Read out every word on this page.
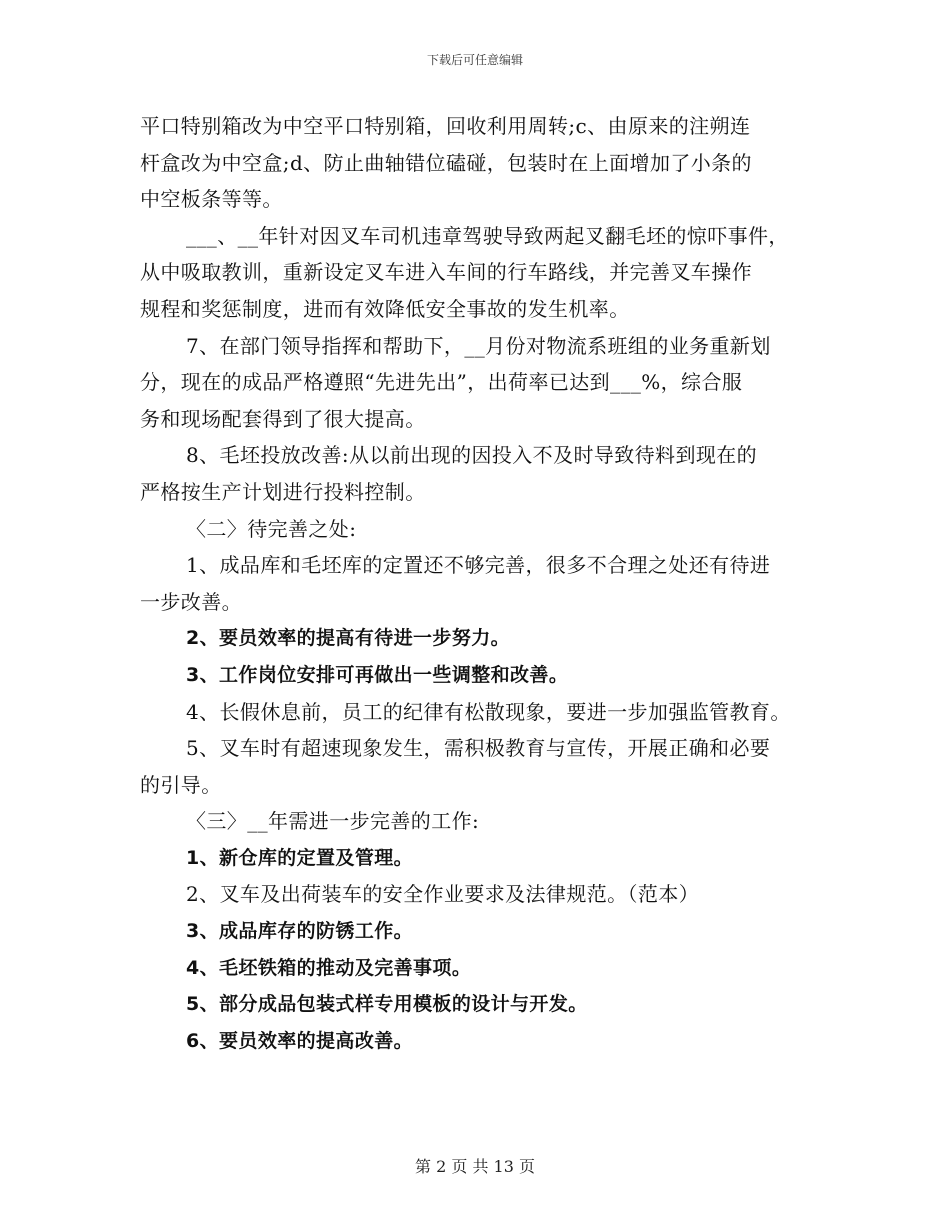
下载后可任意编辑
平口特别箱改为中空平口特别箱，回收利用周转;c、由原来的注朔连
杆盒改为中空盒;d、防止曲轴错位磕碰，包装时在上面增加了小条的
中空板条等等。
___、__年针对因叉车司机违章驾驶导致两起叉翻毛坯的惊吓事件，
从中吸取教训，重新设定叉车进入车间的行车路线，并完善叉车操作
规程和奖惩制度，进而有效降低安全事故的发生机率。
7、在部门领导指挥和帮助下，__月份对物流系班组的业务重新划
分，现在的成品严格遵照“先进先出”，出荷率已达到___%，综合服
务和现场配套得到了很大提高。
8、毛坯投放改善:从以前出现的因投入不及时导致待料到现在的
严格按生产计划进行投料控制。
〈二〉待完善之处:
1、成品库和毛坯库的定置还不够完善，很多不合理之处还有待进
一步改善。
2、要员效率的提高有待进一步努力。
3、工作岗位安排可再做出一些调整和改善。
4、长假休息前，员工的纪律有松散现象，要进一步加强监管教育。
5、叉车时有超速现象发生，需积极教育与宣传，开展正确和必要
的引导。
〈三〉__年需进一步完善的工作:
1、新仓库的定置及管理。
2、叉车及出荷装车的安全作业要求及法律规范。（范本）
3、成品库存的防锈工作。
4、毛坯铁箱的推动及完善事项。
5、部分成品包装式样专用模板的设计与开发。
6、要员效率的提高改善。
第 2 页 共 13 页
